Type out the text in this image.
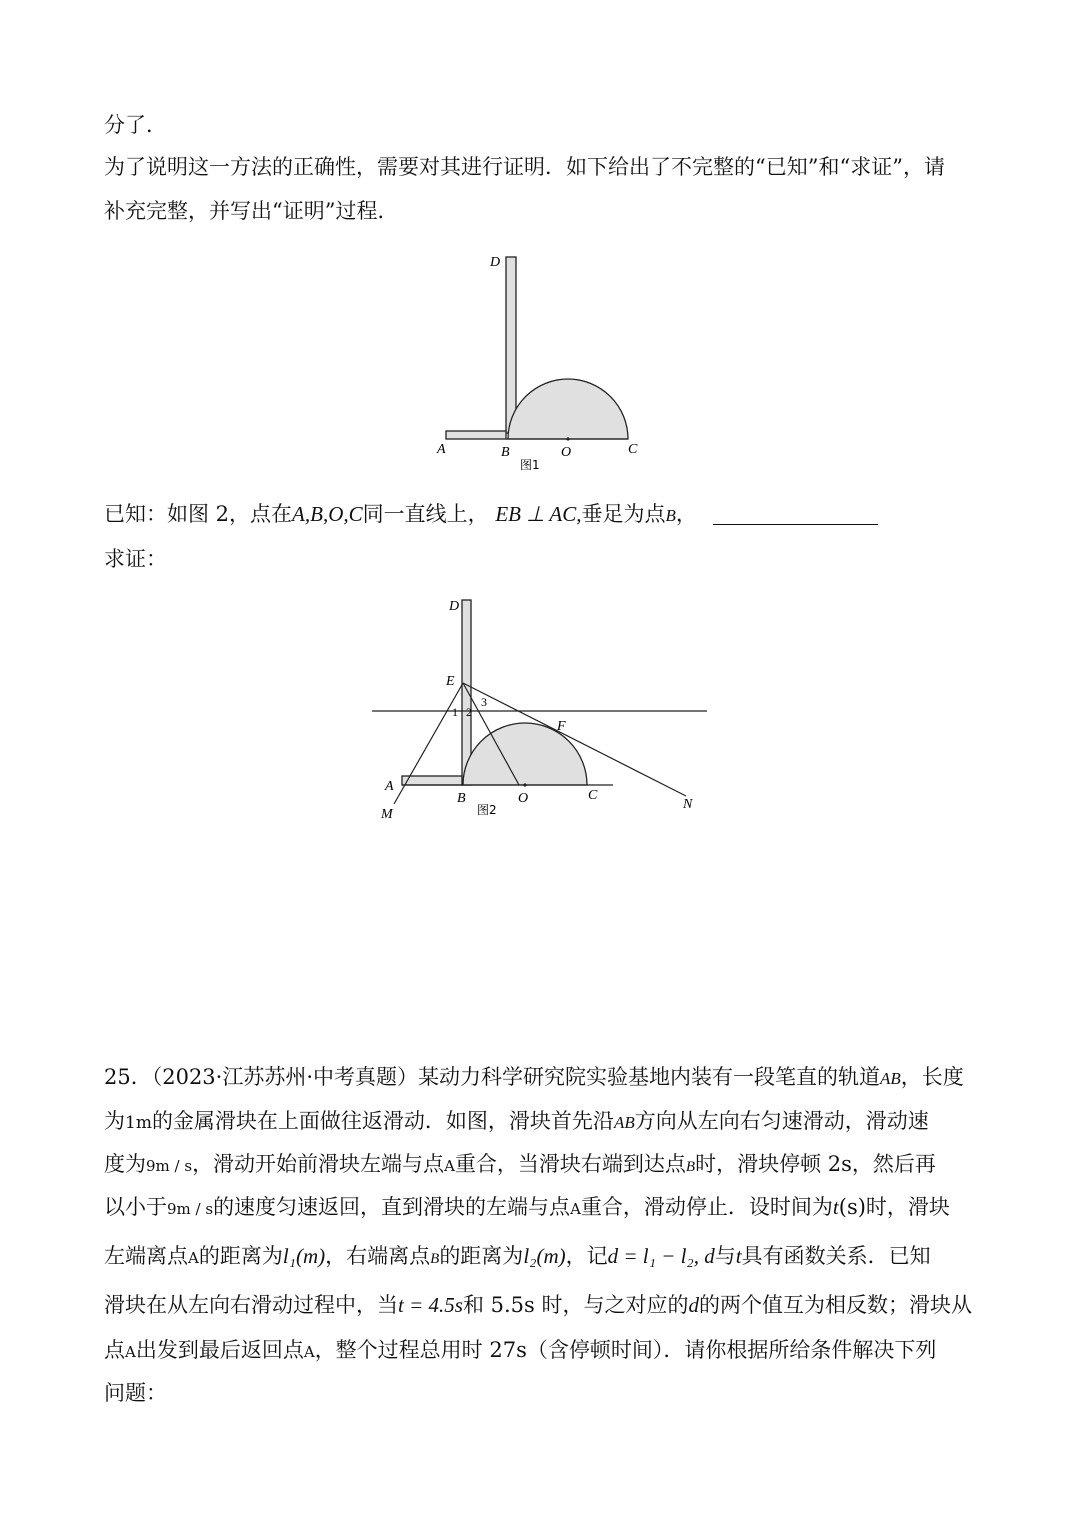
分了．
为了说明这一方法的正确性，需要对其进行证明．如下给出了不完整的“已知”和“求证”，请
补充完整，并写出“证明”过程．
D
A	B	O	C
图1
已知：如图 2，点在A,B,O,C同一直线上， EB ⊥ AC,垂足为点B，
求证：
D
E
1 2
3
F
A
B	O	C
M
N
图2
25．（2023·江苏苏州·中考真题）某动力科学研究院实验基地内装有一段笔直的轨道AB，长度
为1m的金属滑块在上面做往返滑动．如图，滑块首先沿AB方向从左向右匀速滑动，滑动速
度为9m / s，滑动开始前滑块左端与点A重合，当滑块右端到达点B时，滑块停顿 2s，然后再
以小于9m / s的速度匀速返回，直到滑块的左端与点A重合，滑动停止．设时间为t(s)时，滑块
左端离点A的距离为l₁(m)，右端离点B的距离为l₂(m)，记d = l₁ − l₂, d与t具有函数关系．已知
滑块在从左向右滑动过程中，当t = 4.5s和 5.5s 时，与之对应的d的两个值互为相反数；滑块从
点A出发到最后返回点A，整个过程总用时 27s（含停顿时间）．请你根据所给条件解决下列
问题：
